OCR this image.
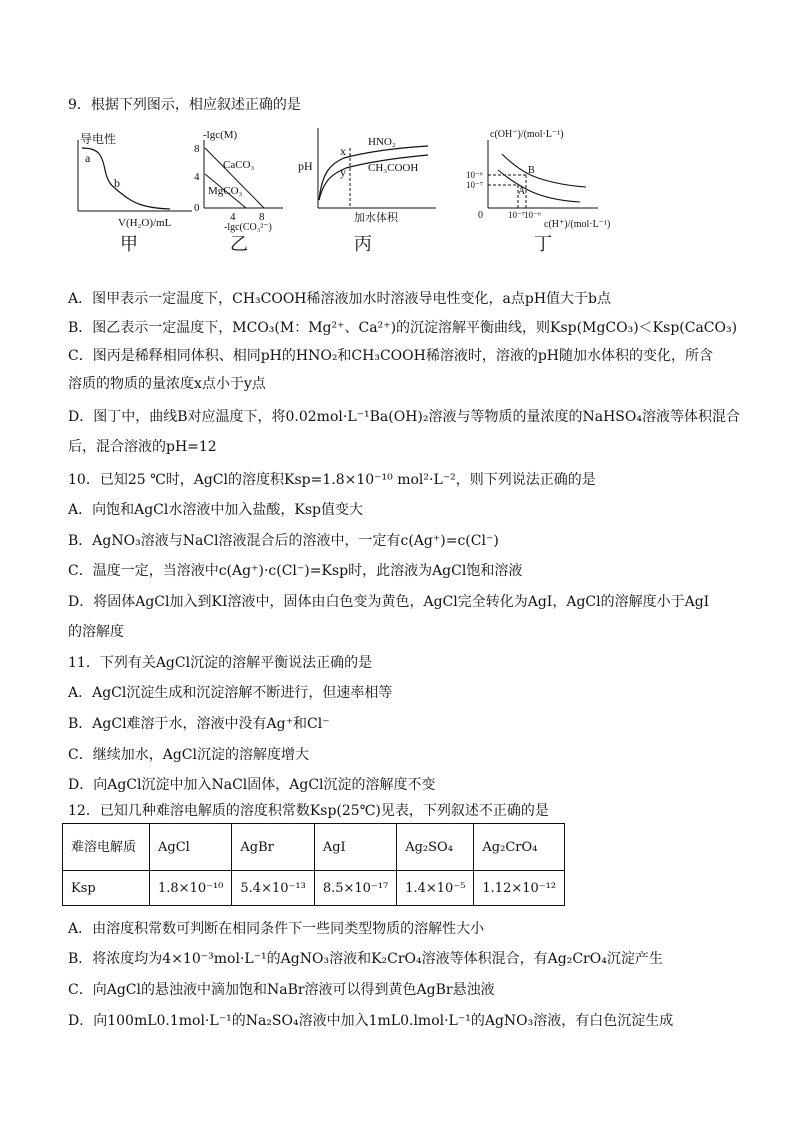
9．根据下列图示，相应叙述正确的是
导电性
a
b
V(H₂O)/mL
甲
-lgc(M)
8
4
0
4 8
CaCO₃
MgCO₃
-lgc(CO₃²⁻)
乙
pH
x
y
HNO₂
CH₃COOH
加水体积
丙
c(OH⁻)/(mol·L⁻¹)
10⁻⁶
10⁻⁷
B
A
0	10⁻⁷ 10⁻⁶
c(H⁺)/(mol·L⁻¹)
丁
A．图甲表示一定温度下，CH₃COOH稀溶液加水时溶液导电性变化，a点pH值大于b点
B．图乙表示一定温度下，MCO₃(M：Mg²⁺、Ca²⁺)的沉淀溶解平衡曲线，则Ksp(MgCO₃)＜Ksp(CaCO₃)
C．图丙是稀释相同体积、相同pH的HNO₂和CH₃COOH稀溶液时，溶液的pH随加水体积的变化，所含
溶质的物质的量浓度x点小于y点
D．图丁中，曲线B对应温度下，将0.02mol·L⁻¹Ba(OH)₂溶液与等物质的量浓度的NaHSO₄溶液等体积混合
后，混合溶液的pH=12
10．已知25 ℃时，AgCl的溶度积Ksp=1.8×10⁻¹⁰ mol²·L⁻²，则下列说法正确的是
A．向饱和AgCl水溶液中加入盐酸，Ksp值变大
B．AgNO₃溶液与NaCl溶液混合后的溶液中，一定有c(Ag⁺)=c(Cl⁻)
C．温度一定，当溶液中c(Ag⁺)·c(Cl⁻)=Ksp时，此溶液为AgCl饱和溶液
D．将固体AgCl加入到KI溶液中，固体由白色变为黄色，AgCl完全转化为AgI，AgCl的溶解度小于AgI
的溶解度
11．下列有关AgCl沉淀的溶解平衡说法正确的是
A．AgCl沉淀生成和沉淀溶解不断进行，但速率相等
B．AgCl难溶于水，溶液中没有Ag⁺和Cl⁻
C．继续加水，AgCl沉淀的溶解度增大
D．向AgCl沉淀中加入NaCl固体，AgCl沉淀的溶解度不变
12．已知几种难溶电解质的溶度积常数Ksp(25℃)见表，下列叙述不正确的是
难溶电解质	AgCl	AgBr	AgI	Ag₂SO₄	Ag₂CrO₄
Ksp	1.8×10⁻¹⁰	5.4×10⁻¹³	8.5×10⁻¹⁷	1.4×10⁻⁵	1.12×10⁻¹²
A．由溶度积常数可判断在相同条件下一些同类型物质的溶解性大小
B．将浓度均为4×10⁻³mol·L⁻¹的AgNO₃溶液和K₂CrO₄溶液等体积混合，有Ag₂CrO₄沉淀产生
C．向AgCl的悬浊液中滴加饱和NaBr溶液可以得到黄色AgBr悬浊液
D．向100mL0.1mol·L⁻¹的Na₂SO₄溶液中加入1mL0.lmol·L⁻¹的AgNO₃溶液，有白色沉淀生成
